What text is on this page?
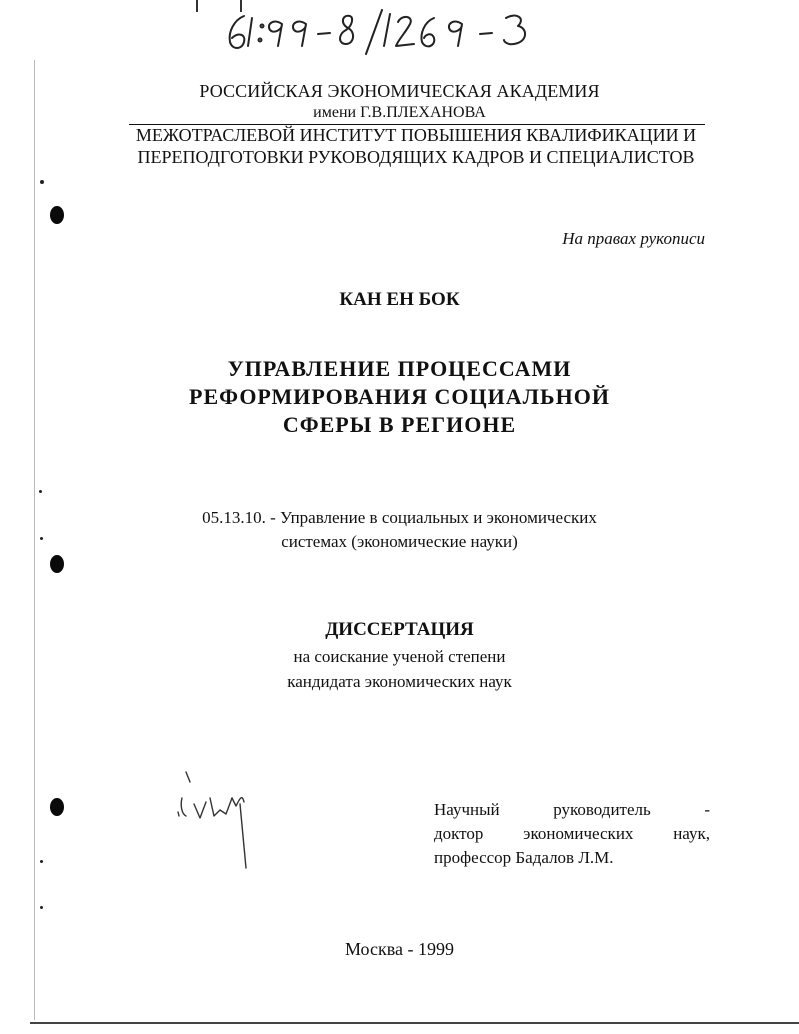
РОССИЙСКАЯ ЭКОНОМИЧЕСКАЯ АКАДЕМИЯ
имени Г.В.ПЛЕХАНОВА
МЕЖОТРАСЛЕВОЙ ИНСТИТУТ ПОВЫШЕНИЯ КВАЛИФИКАЦИИ И
ПЕРЕПОДГОТОВКИ РУКОВОДЯЩИХ КАДРОВ И СПЕЦИАЛИСТОВ
На правах рукописи
КАН ЕН БОК
УПРАВЛЕНИЕ ПРОЦЕССАМИ
РЕФОРМИРОВАНИЯ СОЦИАЛЬНОЙ
СФЕРЫ В РЕГИОНЕ
05.13.10. - Управление в социальных и экономических
системах (экономические науки)
ДИССЕРТАЦИЯ
на соискание ученой степени
кандидата экономических наук
Научный	руководитель	-
доктор экономических наук,
профессор Бадалов Л.М.
Москва - 1999
